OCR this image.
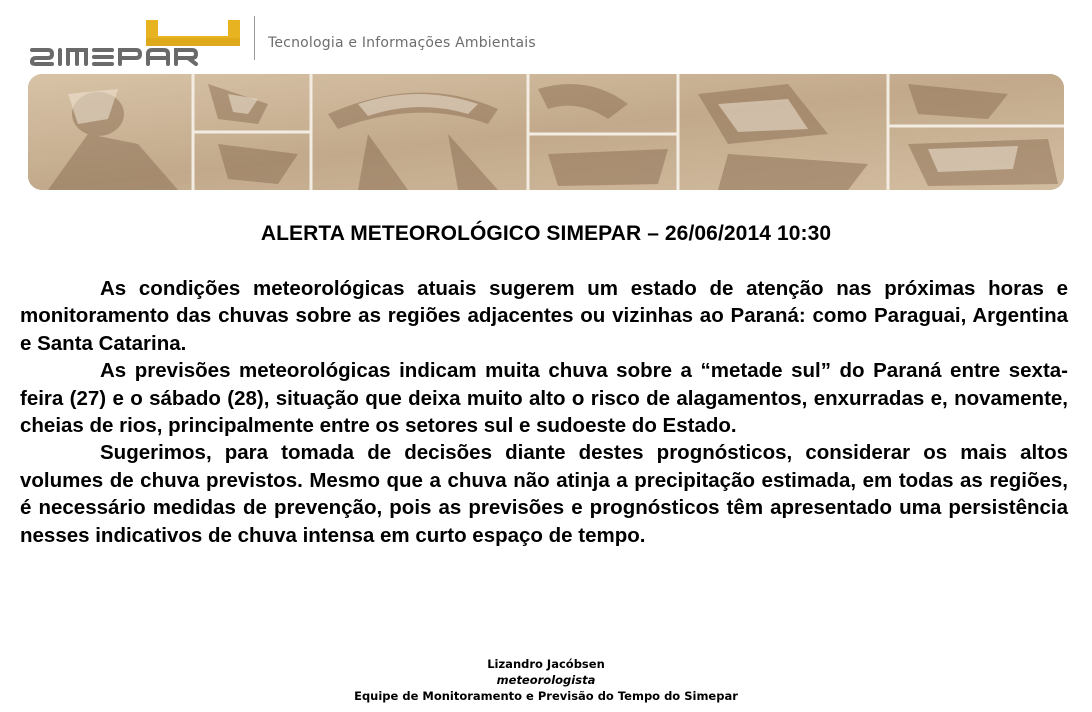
Tecnologia e Informações Ambientais
ALERTA METEOROLÓGICO SIMEPAR – 26/06/2014 10:30

As condições meteorológicas atuais sugerem um estado de atenção nas próximas horas e monitoramento das chuvas sobre as regiões adjacentes ou vizinhas ao Paraná: como Paraguai, Argentina e Santa Catarina.

As previsões meteorológicas indicam muita chuva sobre a “metade sul” do Paraná entre sexta-feira (27) e o sábado (28), situação que deixa muito alto o risco de alagamentos, enxurradas e, novamente, cheias de rios, principalmente entre os setores sul e sudoeste do Estado.

Sugerimos, para tomada de decisões diante destes prognósticos, considerar os mais altos volumes de chuva previstos. Mesmo que a chuva não atinja a precipitação estimada, em todas as regiões, é necessário medidas de prevenção, pois as previsões e prognósticos têm apresentado uma persistência nesses indicativos de chuva intensa em curto espaço de tempo.

Lizandro Jacóbsen
meteorologista
Equipe de Monitoramento e Previsão do Tempo do Simepar
